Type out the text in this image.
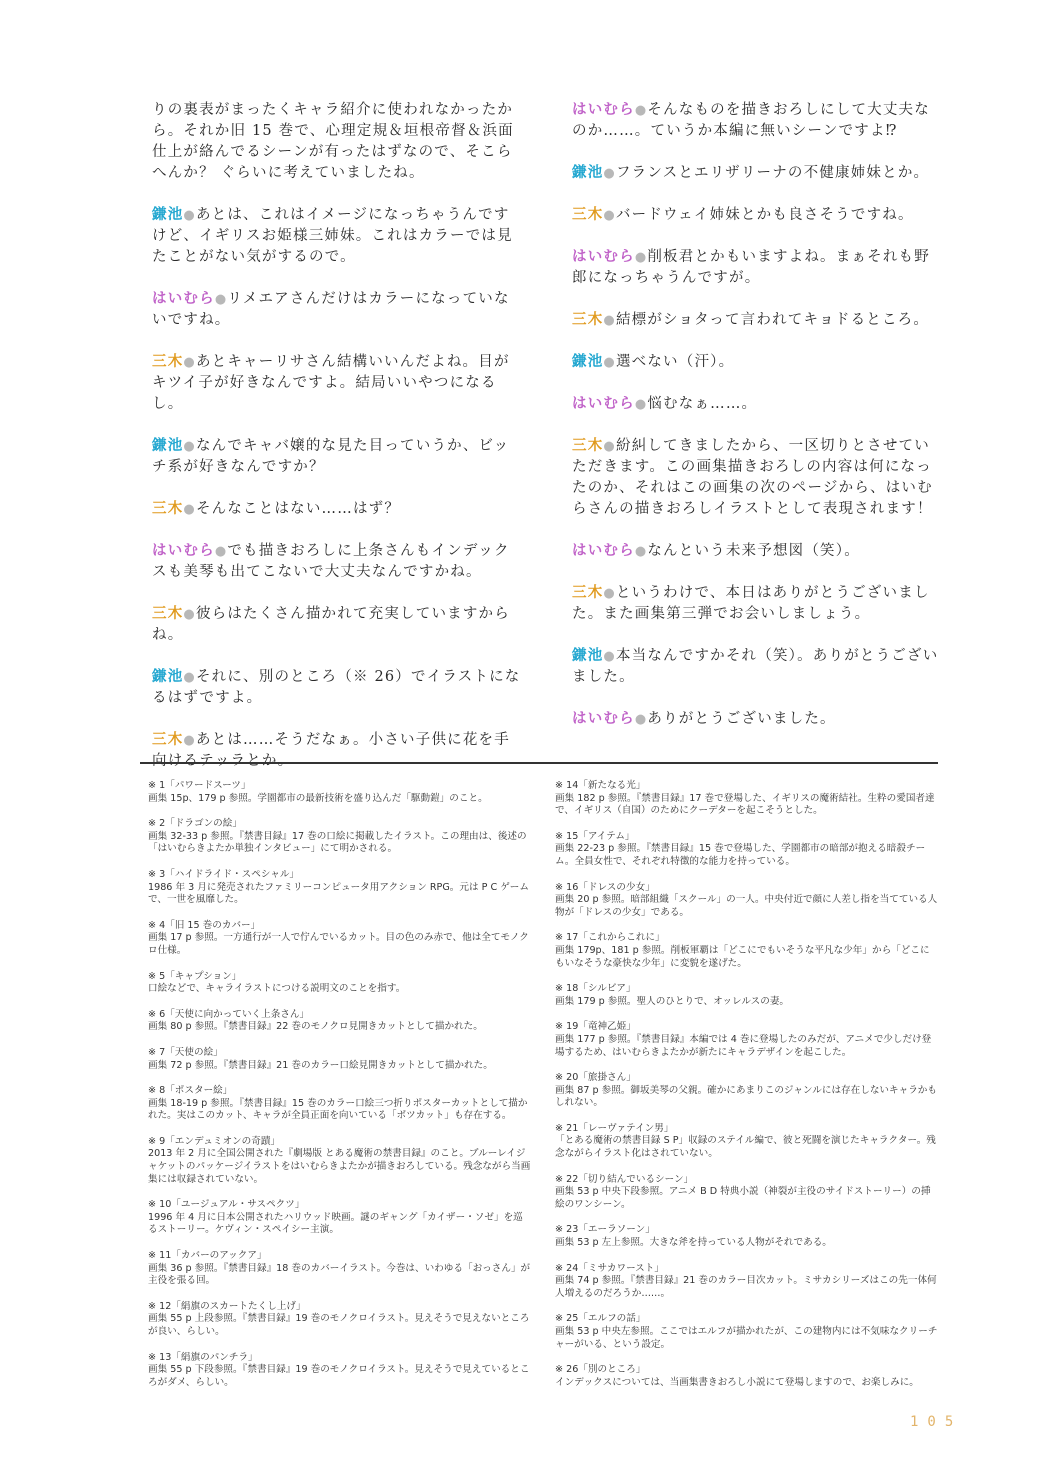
りの裏表がまったくキャラ紹介に使われなかったから。それか旧 15 巻で、心理定規＆垣根帝督＆浜面仕上が絡んでるシーンが有ったはずなので、そこらへんか？ ぐらいに考えていましたね。

鎌池●あとは、これはイメージになっちゃうんですけど、イギリスお姫様三姉妹。これはカラーでは見たことがない気がするので。

はいむら●リメエアさんだけはカラーになっていないですね。

三木●あとキャーリサさん結構いいんだよね。目がキツイ子が好きなんですよ。結局いいやつになるし。

鎌池●なんでキャバ嬢的な見た目っていうか、ビッチ系が好きなんですか？

三木●そんなことはない……はず？

はいむら●でも描きおろしに上条さんもインデックスも美琴も出てこないで大丈夫なんですかね。

三木●彼らはたくさん描かれて充実していますからね。

鎌池●それに、別のところ（※ 26）でイラストになるはずですよ。

三木●あとは……そうだなぁ。小さい子供に花を手向けるテッラとか。

はいむら●そんなものを描きおろしにして大丈夫なのか……。ていうか本編に無いシーンですよ⁉

鎌池●フランスとエリザリーナの不健康姉妹とか。

三木●バードウェイ姉妹とかも良さそうですね。

はいむら●削板君とかもいますよね。まぁそれも野郎になっちゃうんですが。

三木●結標がショタって言われてキョドるところ。

鎌池●選べない（汗）。

はいむら●悩むなぁ……。

三木●紛糾してきましたから、一区切りとさせていただきます。この画集描きおろしの内容は何になったのか、それはこの画集の次のページから、はいむらさんの描きおろしイラストとして表現されます！

はいむら●なんという未来予想図（笑）。

三木●というわけで、本日はありがとうございました。また画集第三弾でお会いしましょう。

鎌池●本当なんですかそれ（笑）。ありがとうございました。

はいむら●ありがとうございました。

※ 1「パワードスーツ」
画集 15p、179 p 参照。学園都市の最新技術を盛り込んだ「駆動鎧」のこと。
※ 2「ドラゴンの絵」
画集 32-33 p 参照。『禁書目録』17 巻の口絵に掲載したイラスト。この理由は、後述の「はいむらきよたか単独インタビュー」にて明かされる。
※ 3「ハイドライド・スペシャル」
1986 年 3 月に発売されたファミリーコンピュータ用アクション RPG。元は P C ゲームで、一世を風靡した。
※ 4「旧 15 巻のカバー」
画集 17 p 参照。一方通行が一人で佇んでいるカット。目の色のみ赤で、他は全てモノクロ仕様。
※ 5「キャプション」
口絵などで、キャライラストにつける説明文のことを指す。
※ 6「天使に向かっていく上条さん」
画集 80 p 参照。『禁書目録』22 巻のモノクロ見開きカットとして描かれた。
※ 7「天使の絵」
画集 72 p 参照。『禁書目録』21 巻のカラー口絵見開きカットとして描かれた。
※ 8「ポスター絵」
画集 18-19 p 参照。『禁書目録』15 巻のカラー口絵三つ折りポスターカットとして描かれた。実はこのカット、キャラが全員正面を向いている「ボツカット」も存在する。
※ 9「エンデュミオンの奇蹟」
2013 年 2 月に全国公開された『劇場版 とある魔術の禁書目録』のこと。ブルーレイジャケットのパッケージイラストをはいむらきよたかが描きおろしている。残念ながら当画集には収録されていない。
※ 10「ユージュアル・サスペクツ」
1996 年 4 月に日本公開されたハリウッド映画。謎のギャング「カイザー・ソゼ」を巡るストーリー。ケヴィン・スペイシー主演。
※ 11「カバーのアックア」
画集 36 p 参照。『禁書目録』18 巻のカバーイラスト。今巻は、いわゆる「おっさん」が主役を張る回。
※ 12「絹旗のスカートたくし上げ」
画集 55 p 上段参照。『禁書目録』19 巻のモノクロイラスト。見えそうで見えないところが良い、らしい。
※ 13「絹旗のパンチラ」
画集 55 p 下段参照。『禁書目録』19 巻のモノクロイラスト。見えそうで見えているところがダメ、らしい。
※ 14「新たなる光」
画集 182 p 参照。『禁書目録』17 巻で登場した、イギリスの魔術結社。生粋の愛国者達で、イギリス（自国）のためにクーデターを起こそうとした。
※ 15「アイテム」
画集 22-23 p 参照。『禁書目録』15 巻で登場した、学園都市の暗部が抱える暗殺チーム。全員女性で、それぞれ特徴的な能力を持っている。
※ 16「ドレスの少女」
画集 20 p 参照。暗部組織「スクール」の一人。中央付近で顔に人差し指を当てている人物が「ドレスの少女」である。
※ 17「これからこれに」
画集 179p、181 p 参照。削板軍覇は「どこにでもいそうな平凡な少年」から「どこにもいなそうな豪快な少年」に変貌を遂げた。
※ 18「シルビア」
画集 179 p 参照。聖人のひとりで、オッレルスの妻。
※ 19「竜神乙姫」
画集 177 p 参照。『禁書目録』本編では 4 巻に登場したのみだが、アニメで少しだけ登場するため、はいむらきよたかが新たにキャラデザインを起こした。
※ 20「旅掛さん」
画集 87 p 参照。御坂美琴の父親。確かにあまりこのジャンルには存在しないキャラかもしれない。
※ 21「レーヴァテイン男」
「とある魔術の禁書目録 S P」収録のステイル編で、彼と死闘を演じたキャラクター。残念ながらイラスト化はされていない。
※ 22「切り結んでいるシーン」
画集 53 p 中央下段参照。アニメ B D 特典小説（神裂が主役のサイドストーリー）の挿絵のワンシーン。
※ 23「エーラソーン」
画集 53 p 左上参照。大きな斧を持っている人物がそれである。
※ 24「ミサカワースト」
画集 74 p 参照。『禁書目録』21 巻のカラー目次カット。ミサカシリーズはこの先一体何人増えるのだろうか……。
※ 25「エルフの話」
画集 53 p 中央左参照。ここではエルフが描かれたが、この建物内には不気味なクリーチャーがいる、という設定。
※ 26「別のところ」
インデックスについては、当画集書きおろし小説にて登場しますので、お楽しみに。
105
